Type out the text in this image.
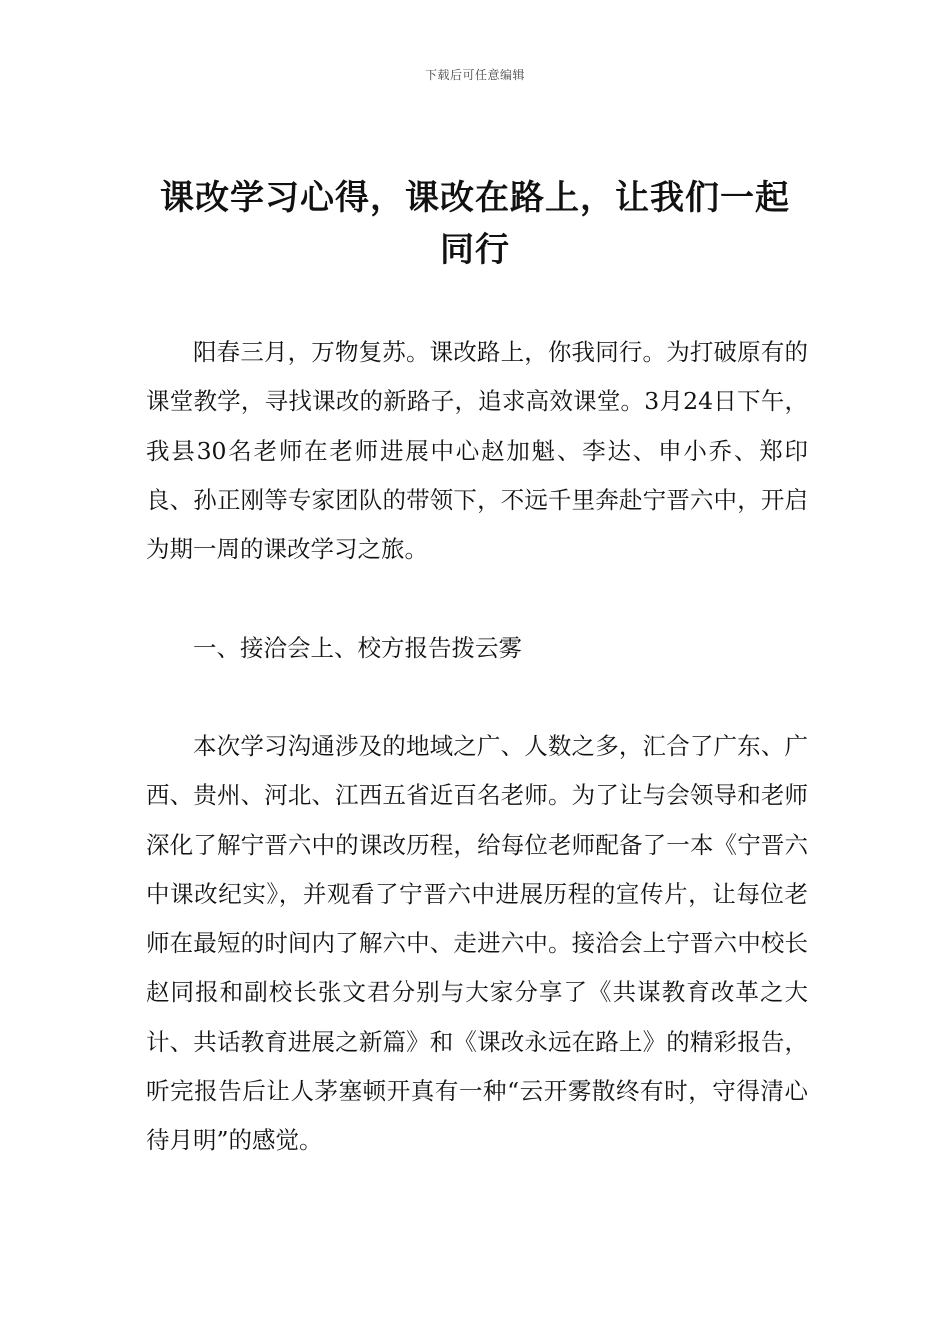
下载后可任意编辑
课改学习心得，课改在路上，让我们一起同行

阳春三月，万物复苏。课改路上，你我同行。为打破原有的课堂教学，寻找课改的新路子，追求高效课堂。3月24日下午，我县30名老师在老师进展中心赵加魁、李达、申小乔、郑印良、孙正刚等专家团队的带领下，不远千里奔赴宁晋六中，开启为期一周的课改学习之旅。

一、接洽会上、校方报告拨云雾

本次学习沟通涉及的地域之广、人数之多，汇合了广东、广西、贵州、河北、江西五省近百名老师。为了让与会领导和老师深化了解宁晋六中的课改历程，给每位老师配备了一本《宁晋六中课改纪实》，并观看了宁晋六中进展历程的宣传片，让每位老师在最短的时间内了解六中、走进六中。接洽会上宁晋六中校长赵同报和副校长张文君分别与大家分享了《共谋教育改革之大计、共话教育进展之新篇》和《课改永远在路上》的精彩报告，听完报告后让人茅塞顿开真有一种“云开雾散终有时，守得清心待月明”的感觉。
